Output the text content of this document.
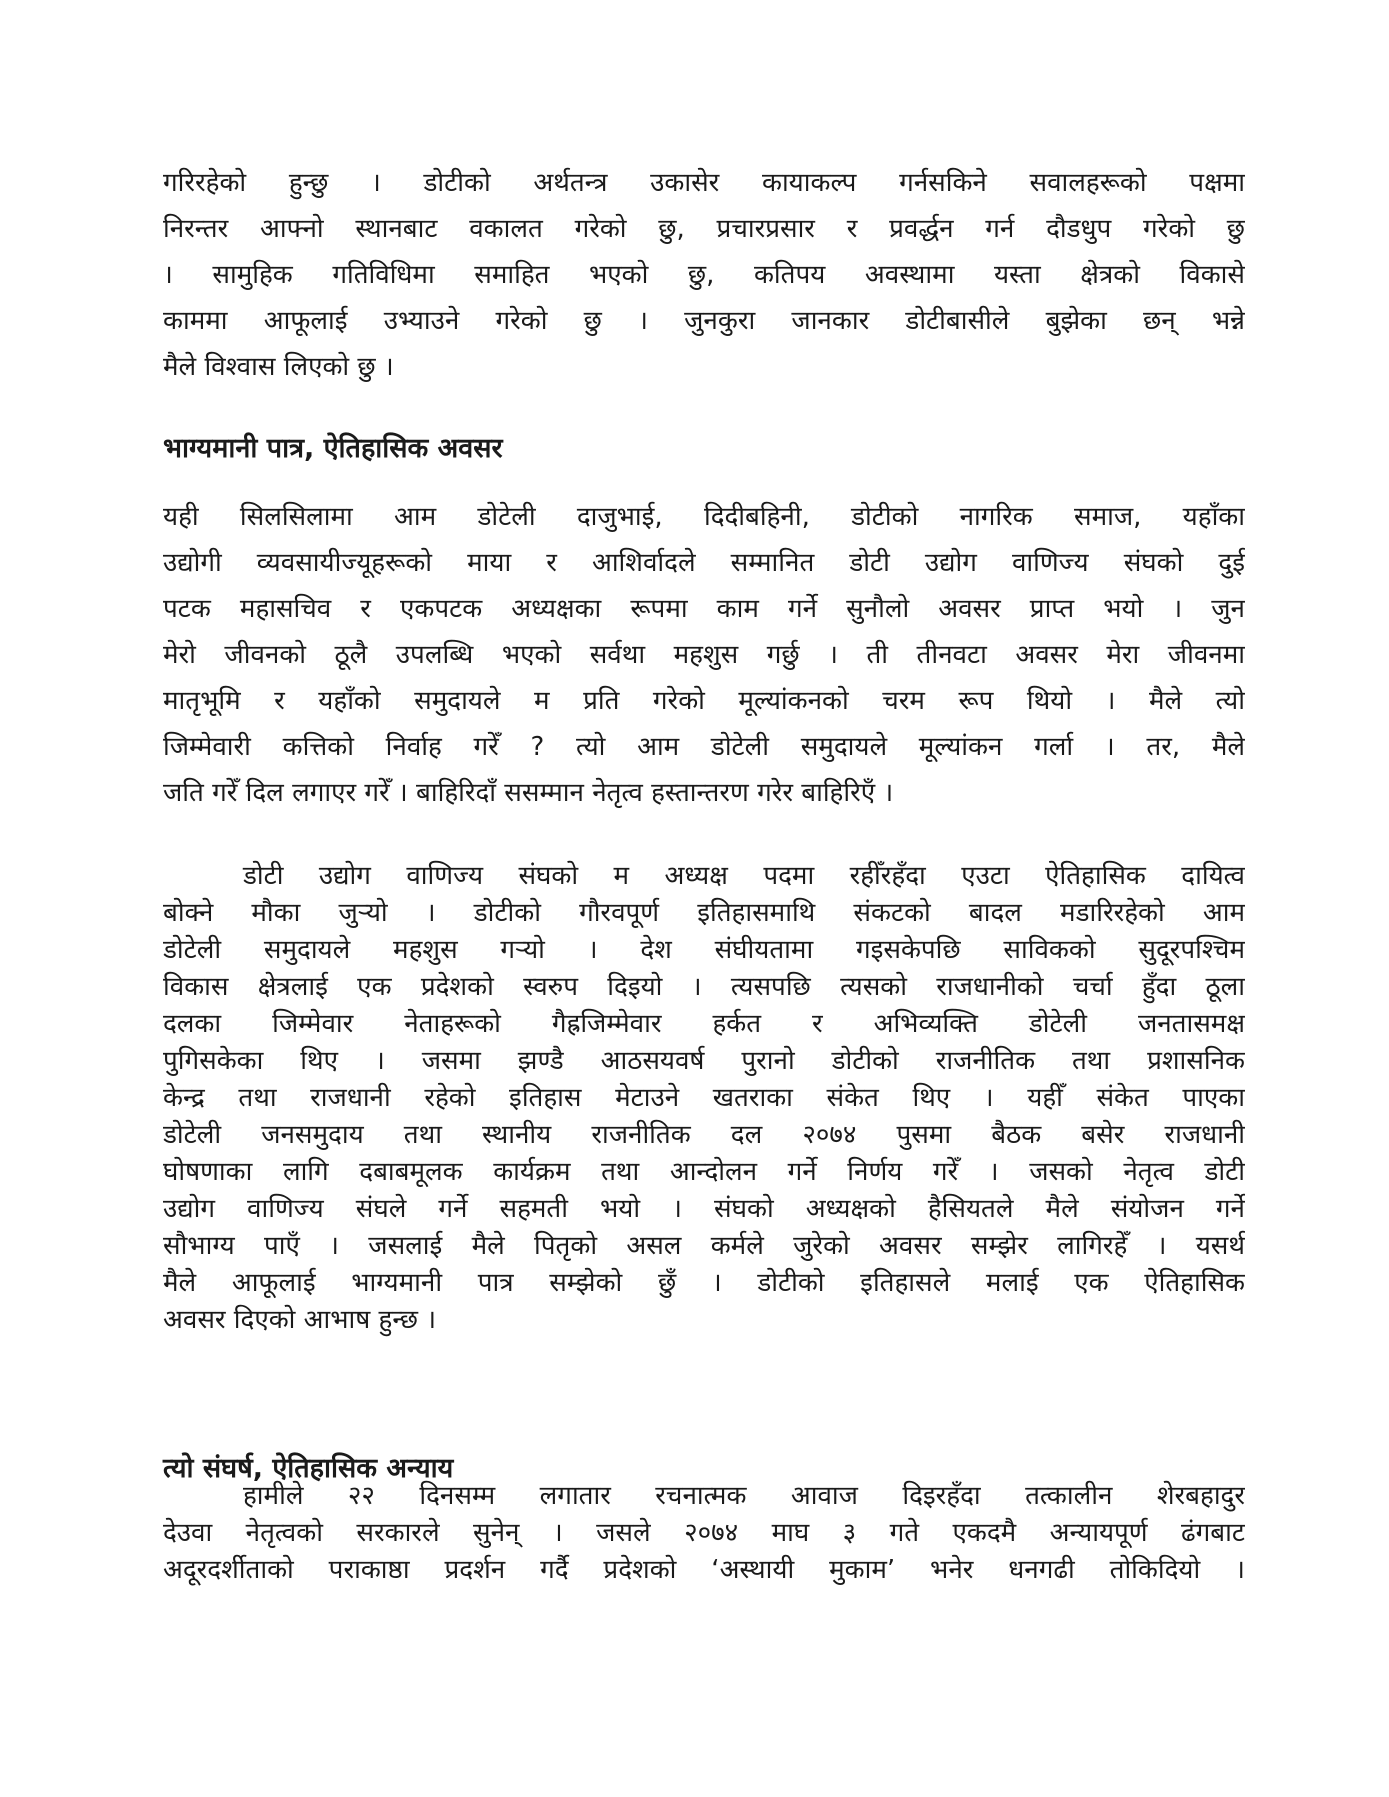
गरिरहेको हुन्छु । डोटीको अर्थतन्त्र उकासेर कायाकल्प गर्नसकिने सवालहरूको पक्षमा
निरन्तर आफ्नो स्थानबाट वकालत गरेको छु, प्रचारप्रसार र प्रवर्द्धन गर्न दौडधुप गरेको छु
। सामुहिक गतिविधिमा समाहित भएको छु, कतिपय अवस्थामा यस्ता क्षेत्रको विकासे
काममा आफूलाई उभ्याउने गरेको छु । जुनकुरा जानकार डोटीबासीले बुझेका छन् भन्ने
मैले विश्वास लिएको छु ।
भाग्यमानी पात्र, ऐतिहासिक अवसर
यही सिलसिलामा आम डोटेली दाजुभाई, दिदीबहिनी, डोटीको नागरिक समाज, यहाँका
उद्योगी व्यवसायीज्यूहरूको माया र आशिर्वादले सम्मानित डोटी उद्योग वाणिज्य संघको दुई
पटक महासचिव र एकपटक अध्यक्षका रूपमा काम गर्ने सुनौलो अवसर प्राप्त भयो । जुन
मेरो जीवनको ठूलै उपलब्धि भएको सर्वथा महशुस गर्छु । ती तीनवटा अवसर मेरा जीवनमा
मातृभूमि र यहाँको समुदायले म प्रति गरेको मूल्यांकनको चरम रूप थियो । मैले त्यो
जिम्मेवारी कत्तिको निर्वाह गरेँ ? त्यो आम डोटेली समुदायले मूल्यांकन गर्ला । तर, मैले
जति गरेँ दिल लगाएर गरेँ । बाहिरिदाँ ससम्मान नेतृत्व हस्तान्तरण गरेर बाहिरिएँ ।
डोटी उद्योग वाणिज्य संघको म अध्यक्ष पदमा रहीँरहँदा एउटा ऐतिहासिक दायित्व
बोक्ने मौका जुर्‍यो । डोटीको गौरवपूर्ण इतिहासमाथि संकटको बादल मडारिरहेको आम
डोटेली समुदायले महशुस गर्‍यो । देश संघीयतामा गइसकेपछि साविकको सुदूरपश्चिम
विकास क्षेत्रलाई एक प्रदेशको स्वरुप दिइयो । त्यसपछि त्यसको राजधानीको चर्चा हुँदा ठूला
दलका जिम्मेवार नेताहरूको गैह्रजिम्मेवार हर्कत र अभिव्यक्ति डोटेली जनतासमक्ष
पुगिसकेका थिए । जसमा झण्डै आठसयवर्ष पुरानो डोटीको राजनीतिक तथा प्रशासनिक
केन्द्र तथा राजधानी रहेको इतिहास मेटाउने खतराका संकेत थिए । यहीँ संकेत पाएका
डोटेली जनसमुदाय तथा स्थानीय राजनीतिक दल २०७४ पुसमा बैठक बसेर राजधानी
घोषणाका लागि दबाबमूलक कार्यक्रम तथा आन्दोलन गर्ने निर्णय गरेँ । जसको नेतृत्व डोटी
उद्योग वाणिज्य संघले गर्ने सहमती भयो । संघको अध्यक्षको हैसियतले मैले संयोजन गर्ने
सौभाग्य पाएँ । जसलाई मैले पितृको असल कर्मले जुरेको अवसर सम्झेर लागिरहेँ । यसर्थ
मैले आफूलाई भाग्यमानी पात्र सम्झेको छुँ । डोटीको इतिहासले मलाई एक ऐतिहासिक
अवसर दिएको आभाष हुन्छ ।
त्यो संघर्ष, ऐतिहासिक अन्याय
हामीले २२ दिनसम्म लगातार रचनात्मक आवाज दिइरहँदा तत्कालीन शेरबहादुर
देउवा नेतृत्वको सरकारले सुनेन् । जसले २०७४ माघ ३ गते एकदमै अन्यायपूर्ण ढंगबाट
अदूरदर्शीताको पराकाष्ठा प्रदर्शन गर्दै प्रदेशको ‘अस्थायी मुकाम’ भनेर धनगढी तोकिदियो ।
